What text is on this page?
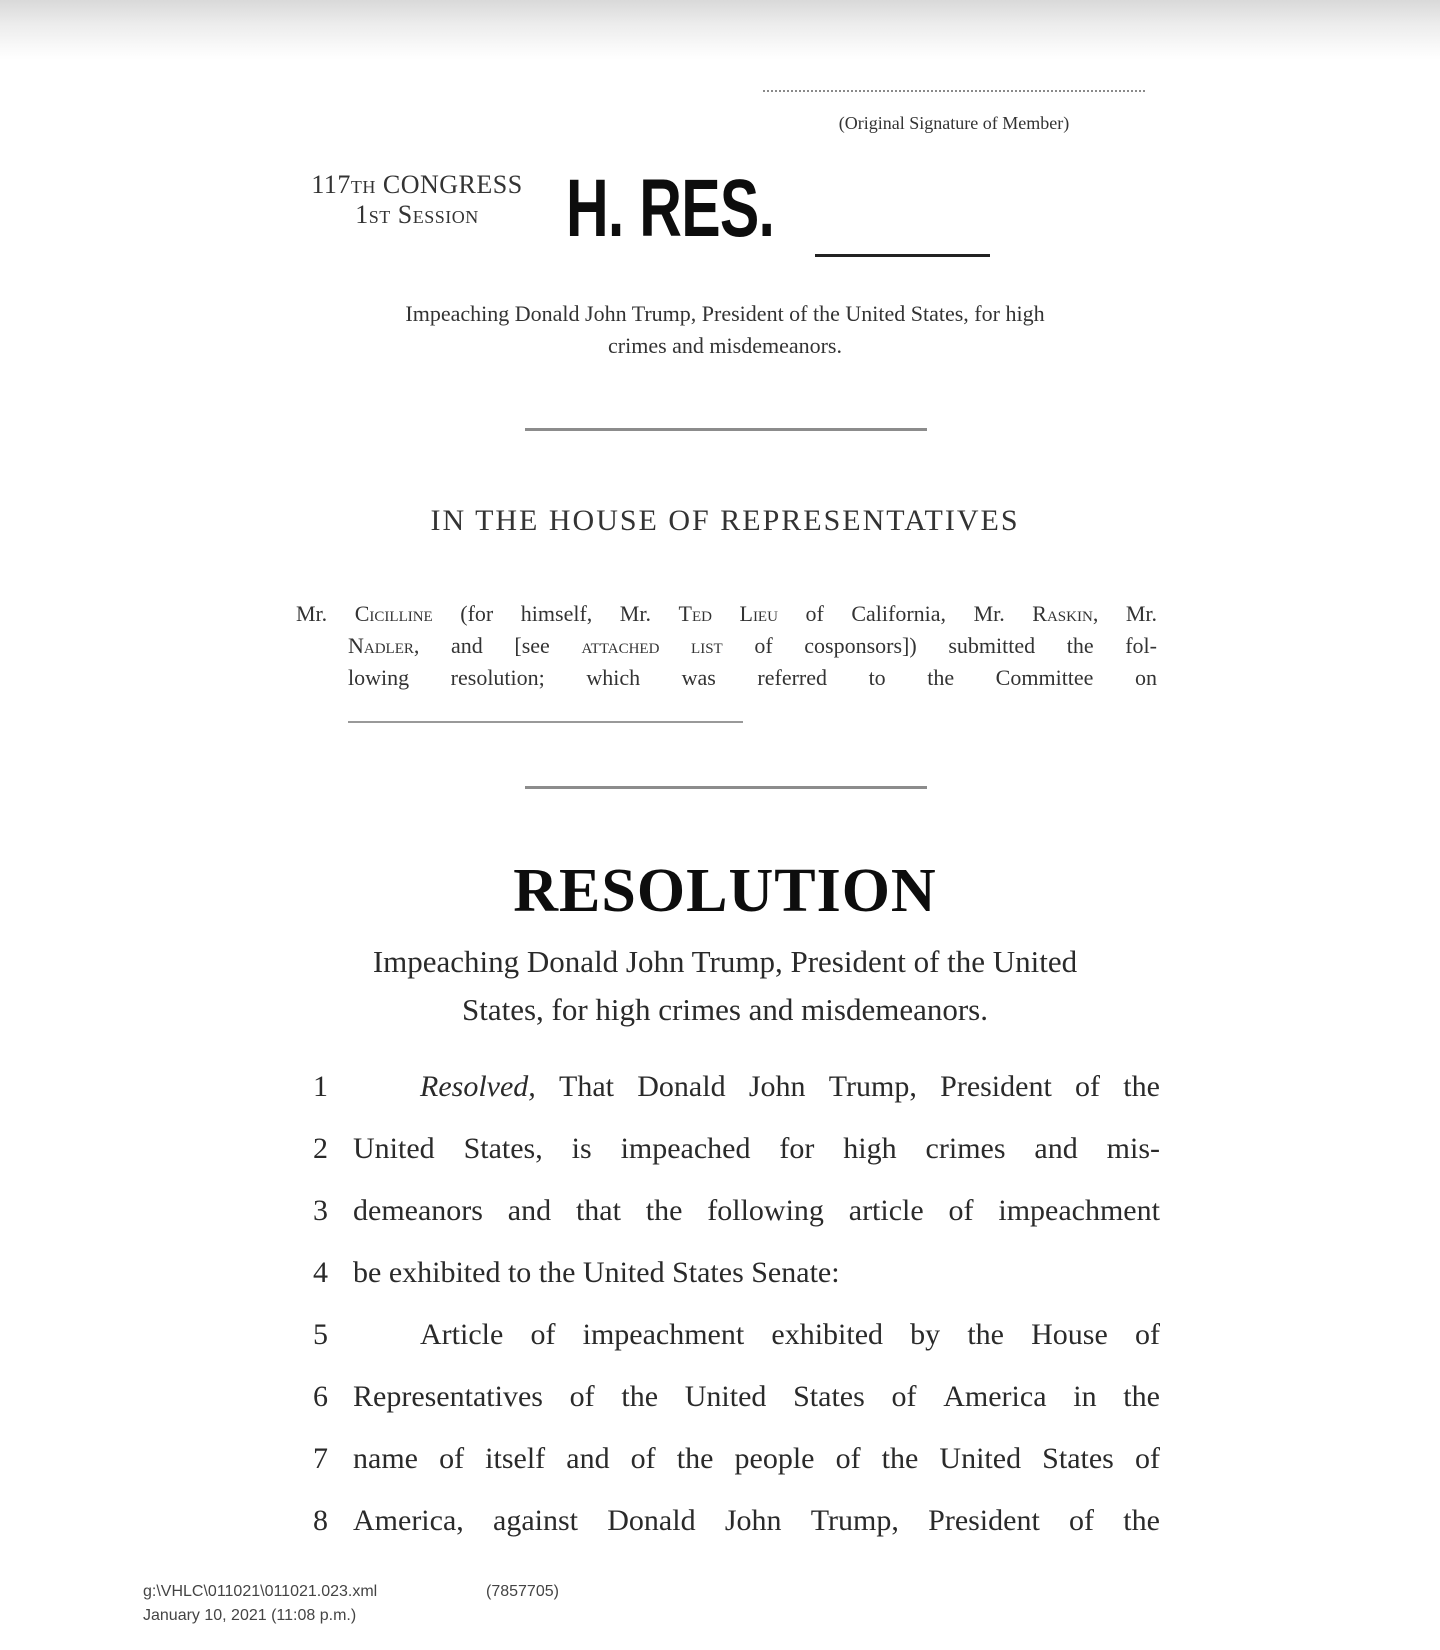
(Original Signature of Member)
117th CONGRESS
1st Session	H. RES.
Impeaching Donald John Trump, President of the United States, for high
crimes and misdemeanors.
IN THE HOUSE OF REPRESENTATIVES
Mr. Cicilline (for himself, Mr. Ted Lieu of California, Mr. Raskin, Mr.
Nadler, and [see attached list of cosponsors]) submitted the fol-
lowing resolution; which was referred to the Committee on
RESOLUTION
Impeaching Donald John Trump, President of the United
States, for high crimes and misdemeanors.
1	Resolved, That Donald John Trump, President of the
2 United States, is impeached for high crimes and mis-
3 demeanors and that the following article of impeachment
4 be exhibited to the United States Senate:
5	Article of impeachment exhibited by the House of
6 Representatives of the United States of America in the
7 name of itself and of the people of the United States of
8 America, against Donald John Trump, President of the
g:\VHLC\011021\011021.023.xml
January 10, 2021 (11:08 p.m.)
(7857705)
